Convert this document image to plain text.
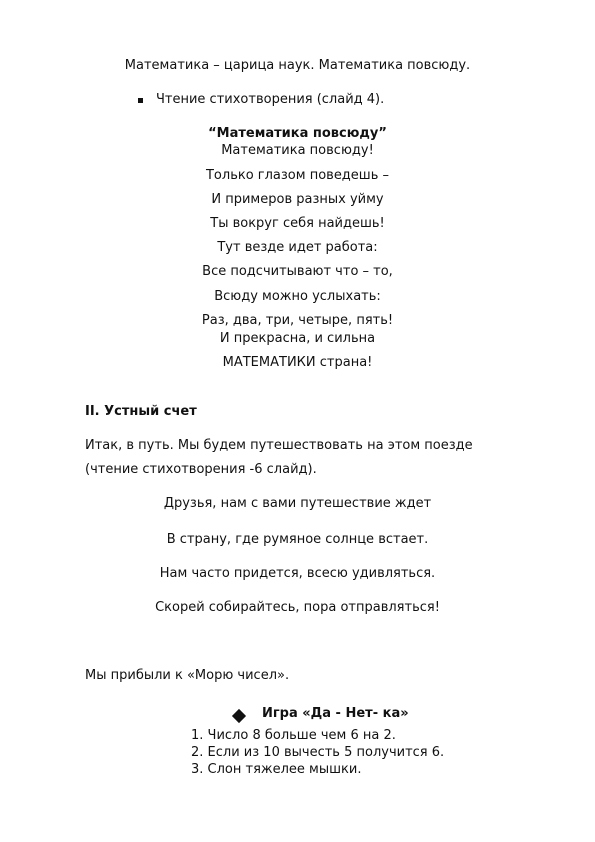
Математика – царица наук. Математика повсюду.
Чтение стихотворения (слайд 4).
“Математика повсюду”
Математика повсюду!
Только глазом поведешь –
И примеров разных уйму
Ты вокруг себя найдешь!
Тут везде идет работа:
Все подсчитывают что – то,
Всюду можно услыхать:
Раз, два, три, четыре, пять!
И прекрасна, и сильна
МАТЕМАТИКИ страна!
II. Устный счет
Итак, в путь. Мы будем путешествовать на этом поезде
(чтение стихотворения -6 слайд).
Друзья, нам с вами путешествие ждет
В страну, где румяное солнце встает.
Нам часто придется, всесю удивляться.
Скорей собирайтесь, пора отправляться!
Мы прибыли к «Морю чисел».
Игра «Да - Нет- ка»
1. Число 8 больше чем 6 на 2.
2. Если из 10 вычесть 5 получится 6.
3. Слон тяжелее мышки.
